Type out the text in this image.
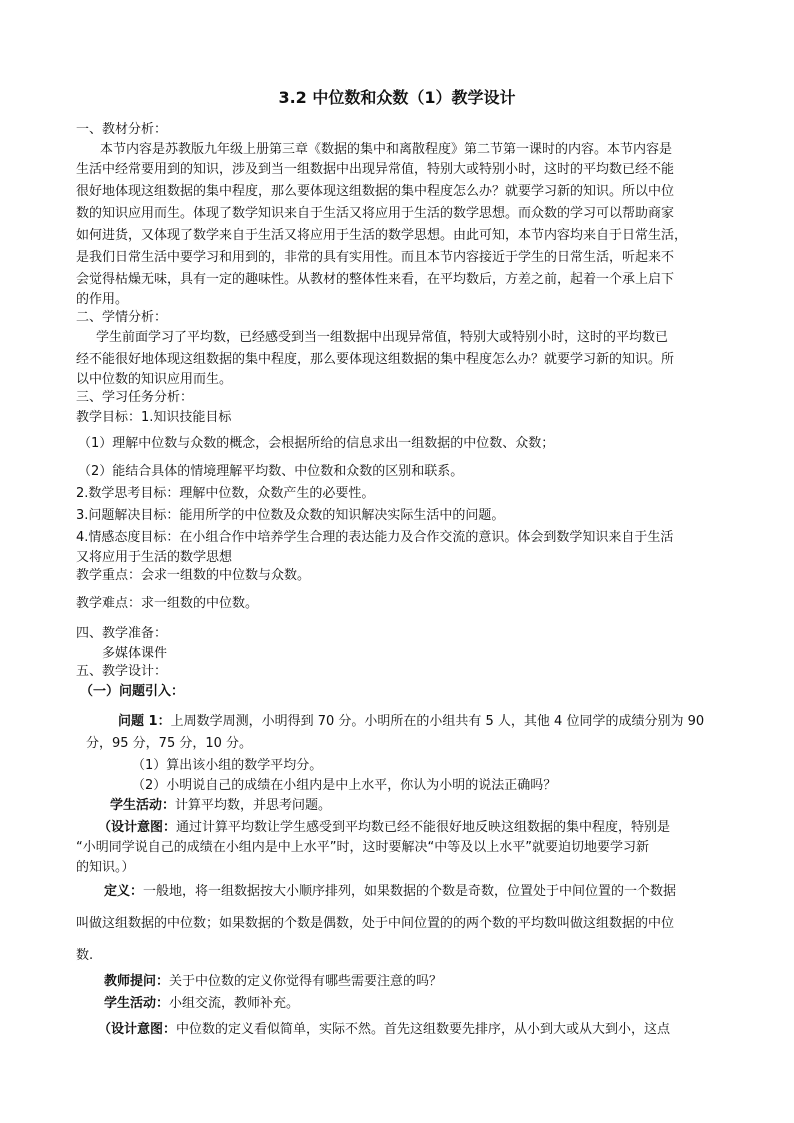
3.2 中位数和众数（1）教学设计
一、教材分析：
本节内容是苏教版九年级上册第三章《数据的集中和离散程度》第二节第一课时的内容。本节内容是
生活中经常要用到的知识，涉及到当一组数据中出现异常值，特别大或特别小时，这时的平均数已经不能
很好地体现这组数据的集中程度，那么要体现这组数据的集中程度怎么办？就要学习新的知识。所以中位
数的知识应用而生。体现了数学知识来自于生活又将应用于生活的数学思想。而众数的学习可以帮助商家
如何进货，又体现了数学来自于生活又将应用于生活的数学思想。由此可知，本节内容均来自于日常生活，
是我们日常生活中要学习和用到的，非常的具有实用性。而且本节内容接近于学生的日常生活，听起来不
会觉得枯燥无味，具有一定的趣味性。从教材的整体性来看，在平均数后，方差之前，起着一个承上启下
的作用。
二、学情分析：
学生前面学习了平均数，已经感受到当一组数据中出现异常值，特别大或特别小时，这时的平均数已
经不能很好地体现这组数据的集中程度，那么要体现这组数据的集中程度怎么办？就要学习新的知识。所
以中位数的知识应用而生。
三、学习任务分析：
教学目标：1.知识技能目标
（1）理解中位数与众数的概念，会根据所给的信息求出一组数据的中位数、众数；
（2）能结合具体的情境理解平均数、中位数和众数的区别和联系。
2.数学思考目标：理解中位数，众数产生的必要性。
3.问题解决目标：能用所学的中位数及众数的知识解决实际生活中的问题。
4.情感态度目标：在小组合作中培养学生合理的表达能力及合作交流的意识。体会到数学知识来自于生活
又将应用于生活的数学思想
教学重点：会求一组数的中位数与众数。
教学难点：求一组数的中位数。
四、教学准备：
多媒体课件
五、教学设计：
（一）问题引入：
问题 1：上周数学周测，小明得到 70 分。小明所在的小组共有 5 人，其他 4 位同学的成绩分别为 90
分，95 分，75 分，10 分。
（1）算出该小组的数学平均分。
（2）小明说自己的成绩在小组内是中上水平，你认为小明的说法正确吗？
学生活动：计算平均数，并思考问题。
（设计意图：通过计算平均数让学生感受到平均数已经不能很好地反映这组数据的集中程度，特别是
“小明同学说自己的成绩在小组内是中上水平”时，这时要解决“中等及以上水平”就要迫切地要学习新
的知识。）
定义：一般地，将一组数据按大小顺序排列，如果数据的个数是奇数，位置处于中间位置的一个数据
叫做这组数据的中位数；如果数据的个数是偶数，处于中间位置的的两个数的平均数叫做这组数据的中位
数.
教师提问：关于中位数的定义你觉得有哪些需要注意的吗？
学生活动：小组交流，教师补充。
（设计意图：中位数的定义看似简单，实际不然。首先这组数要先排序，从小到大或从大到小，这点
